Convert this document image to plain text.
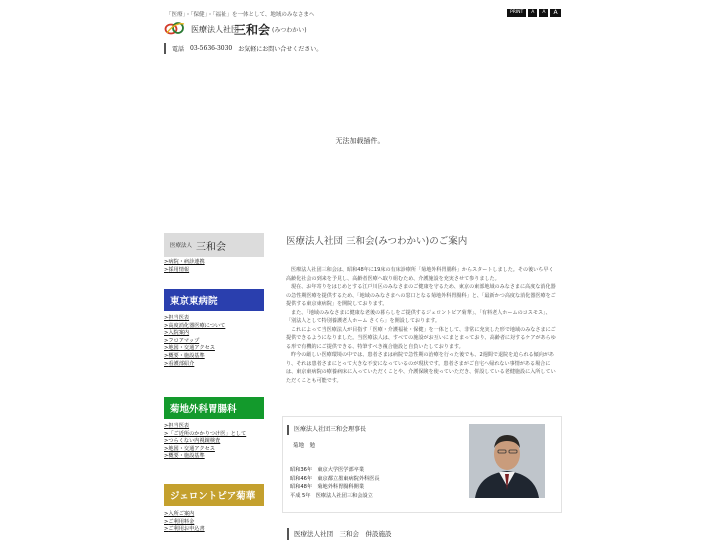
「医療」・「保健」・「福祉」を一体として、地域のみなさまへ
医療法人社団
三和会 (みつわかい)
電話 03-5636-3030 お気軽にお問い合せください。
PRINT	A	A	A
无法加载插件。
医療法人 三和会
>病院・病診連携
>採用情報
東京東病院
>担当医表
>高度消化器医療について
>入院案内
>フロアマップ
>地図・交通アクセス
>概要・施設基準
>看護部紹介
菊地外科胃腸科
>担当医表
>「ご近所のかかりつけ医」として
>つらくない内視鏡検査
>地図・交通アクセス
>概要・施設基準
ジェロントピア菊華
>入所ご案内
>ご利用料金
>ご利用お申込書
医療法人社団 三和会(みつわかい)のご案内

医療法人社団三和会は、昭和48年に19床の有床診療所「菊地外科胃腸科」からスタートしました。その後いち早く高齢化社会の到来を予見し、高齢者医療へ取り組むため、介護施設を充実させて参りました。

現在、お年寄りをはじめとする江戸川区のみなさまのご健康を守るため、東京の東部地域のみなさまに高度な消化器の急性期医療を提供するため、「地域のみなさまへの窓口となる菊地外科胃腸科」と、「最新かつ高度な消化器医療をご提供する東京東病院」を開院しております。

また、「地域のみなさまに健康な老後の暮らしをご提供するジェロントピア菊華」、「有料老人ホームのコスモス」、「別法人として特別養護老人ホーム さくら」を開設しております。

これによって当医療法人が目指す「医療・介護福祉・保健」を一体として、非常に充実した形で地域のみなさまにご提供できるようになりました。当医療法人は、すべての施設がお互いにまとまっており、高齢者に対するケアがあらゆる形で有機的にご提供できる、特筆すべき複合施設と自負いたしております。

昨今の厳しい医療環境の中では、患者さまは病院で急性期の治療を行った後でも、2週間で退院を迫られる傾向があり、それは患者さまにとって大きな不安になっているのが現状です。患者さまがご自宅へ帰れない事情がある場合には、東京東病院の療養病床に入っていただくことや、介護保険を使っていただき、併設している老健施設に入所していただくことも可能です。

医療法人社団三和会理事長
菊地　勉
昭和36年　東京大学医学部卒業
昭和46年　東京都立墨東病院外科医長
昭和48年　菊地外科胃腸科開業
平成 5年　医療法人社団三和会設立
医療法人社団　三和会　併設施設
